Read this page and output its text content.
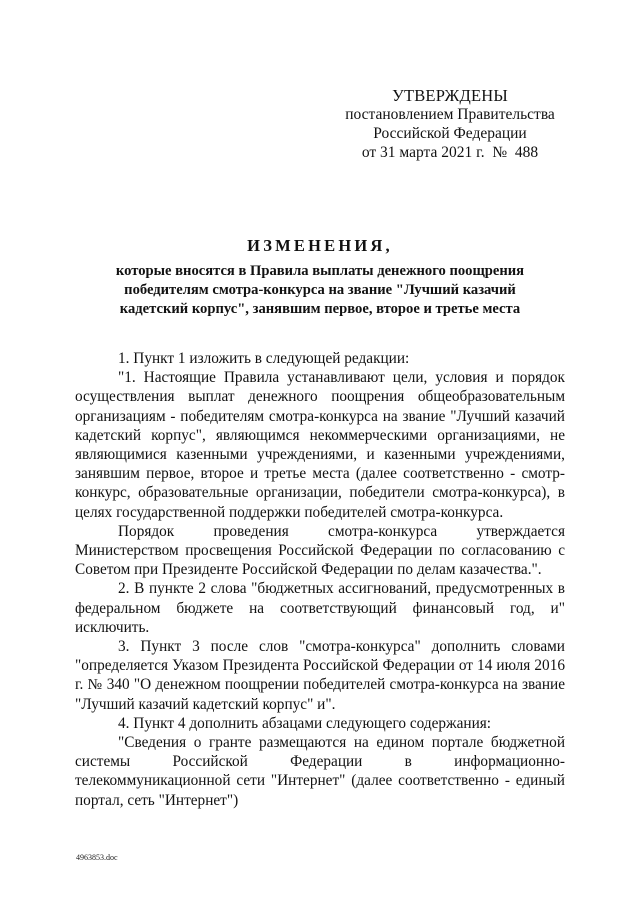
УТВЕРЖДЕНЫ
постановлением Правительства
Российской Федерации
от 31 марта 2021 г.  №  488
ИЗМЕНЕНИЯ,
которые вносятся в Правила выплаты денежного поощрения победителям смотра-конкурса на звание "Лучший казачий кадетский корпус", занявшим первое, второе и третье места

1. Пункт 1 изложить в следующей редакции:

"1. Настоящие Правила устанавливают цели, условия и порядок осуществления выплат денежного поощрения общеобразовательным организациям - победителям смотра-конкурса на звание "Лучший казачий кадетский корпус", являющимся некоммерческими организациями, не являющимися казенными учреждениями, и казенными учреждениями, занявшим первое, второе и третье места (далее соответственно - смотр-конкурс, образовательные организации, победители смотра-конкурса), в целях государственной поддержки победителей смотра-конкурса.

Порядок проведения смотра-конкурса утверждается Министерством просвещения Российской Федерации по согласованию с Советом при Президенте Российской Федерации по делам казачества.".

2. В пункте 2 слова "бюджетных ассигнований, предусмотренных в федеральном бюджете на соответствующий финансовый год, и" исключить.

3. Пункт 3 после слов "смотра-конкурса" дополнить словами "определяется Указом Президента Российской Федерации от 14 июля 2016 г. № 340 "О денежном поощрении победителей смотра-конкурса на звание "Лучший казачий кадетский корпус" и".

4. Пункт 4 дополнить абзацами следующего содержания:

"Сведения о гранте размещаются на едином портале бюджетной системы Российской Федерации в информационно-телекоммуникационной сети "Интернет" (далее соответственно - единый портал, сеть "Интернет")

4963853.doc
